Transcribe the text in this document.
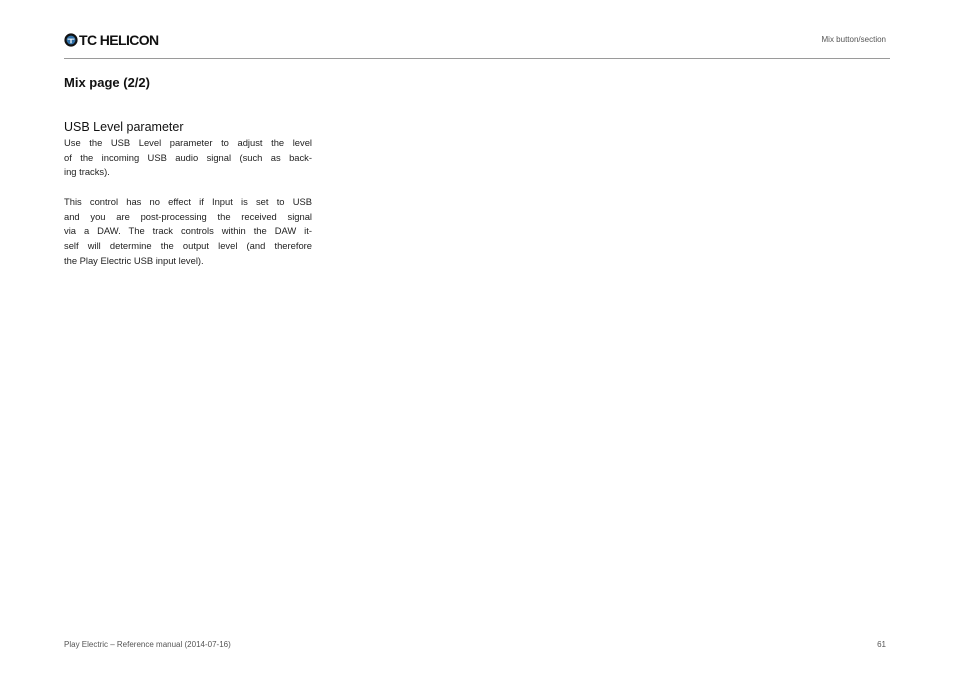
TC HELICON	Mix button/section
Mix page (2/2)
USB Level parameter

Use the USB Level parameter to adjust the level
of the incoming USB audio signal (such as back-
ing tracks).

This control has no effect if Input is set to USB
and you are post-processing the received signal
via a DAW. The track controls within the DAW it-
self will determine the output level (and therefore
the Play Electric USB input level).

Play Electric – Reference manual (2014-07-16)	61
